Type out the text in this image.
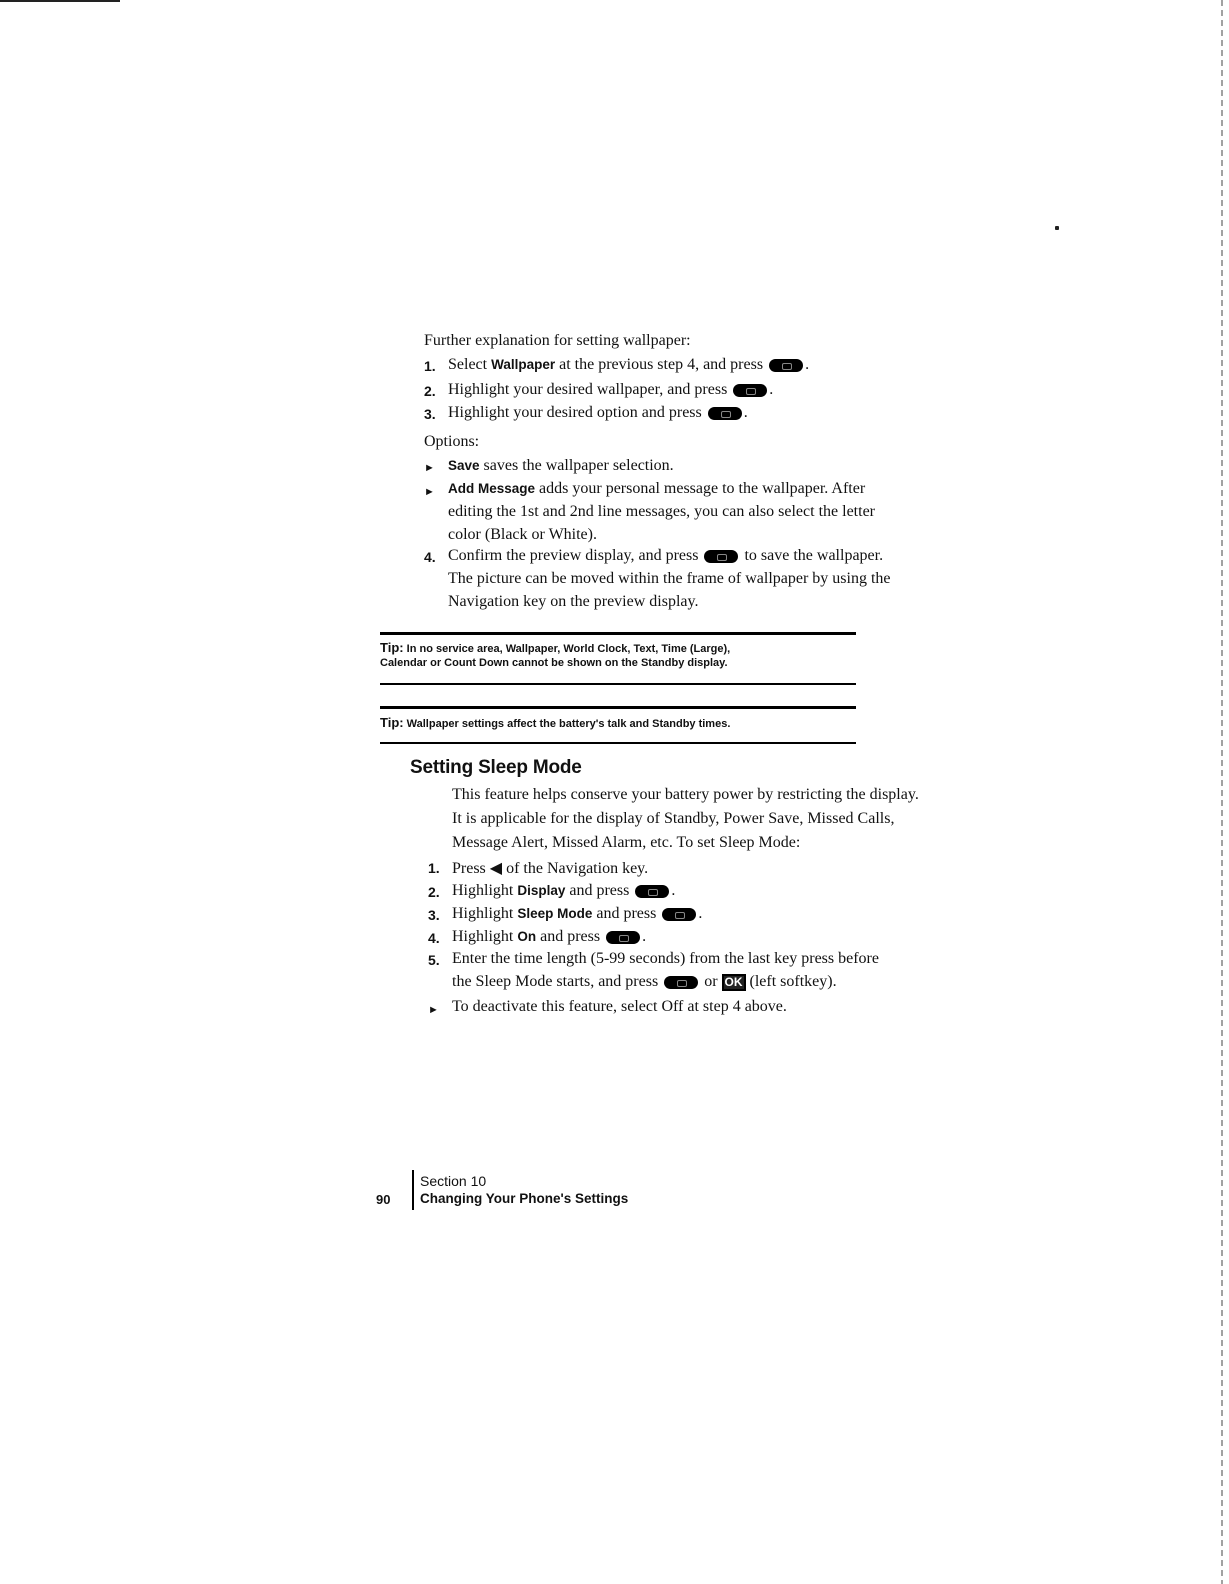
Further explanation for setting wallpaper:
1. Select Wallpaper at the previous step 4, and press	.
2. Highlight your desired wallpaper, and press	.
3. Highlight your desired option and press	.
Options:
► Save saves the wallpaper selection.
► Add Message adds your personal message to the wallpaper. After
editing the 1st and 2nd line messages, you can also select the letter
color (Black or White).
4. Confirm the preview display, and press	to save the wallpaper.
The picture can be moved within the frame of wallpaper by using the
Navigation key on the preview display.
Tip: In no service area, Wallpaper, World Clock, Text, Time (Large),
Calendar or Count Down cannot be shown on the Standby display.
Tip: Wallpaper settings affect the battery's talk and Standby times.
Setting Sleep Mode
This feature helps conserve your battery power by restricting the display.
It is applicable for the display of Standby, Power Save, Missed Calls,
Message Alert, Missed Alarm, etc. To set Sleep Mode:
1. Press ◀ of the Navigation key.
2. Highlight Display and press	.
3. Highlight Sleep Mode and press	.
4. Highlight On and press	.
5. Enter the time length (5-99 seconds) from the last key press before
the Sleep Mode starts, and press	or OK (left softkey).
► To deactivate this feature, select Off at step 4 above.
90
Section 10
Changing Your Phone's Settings
